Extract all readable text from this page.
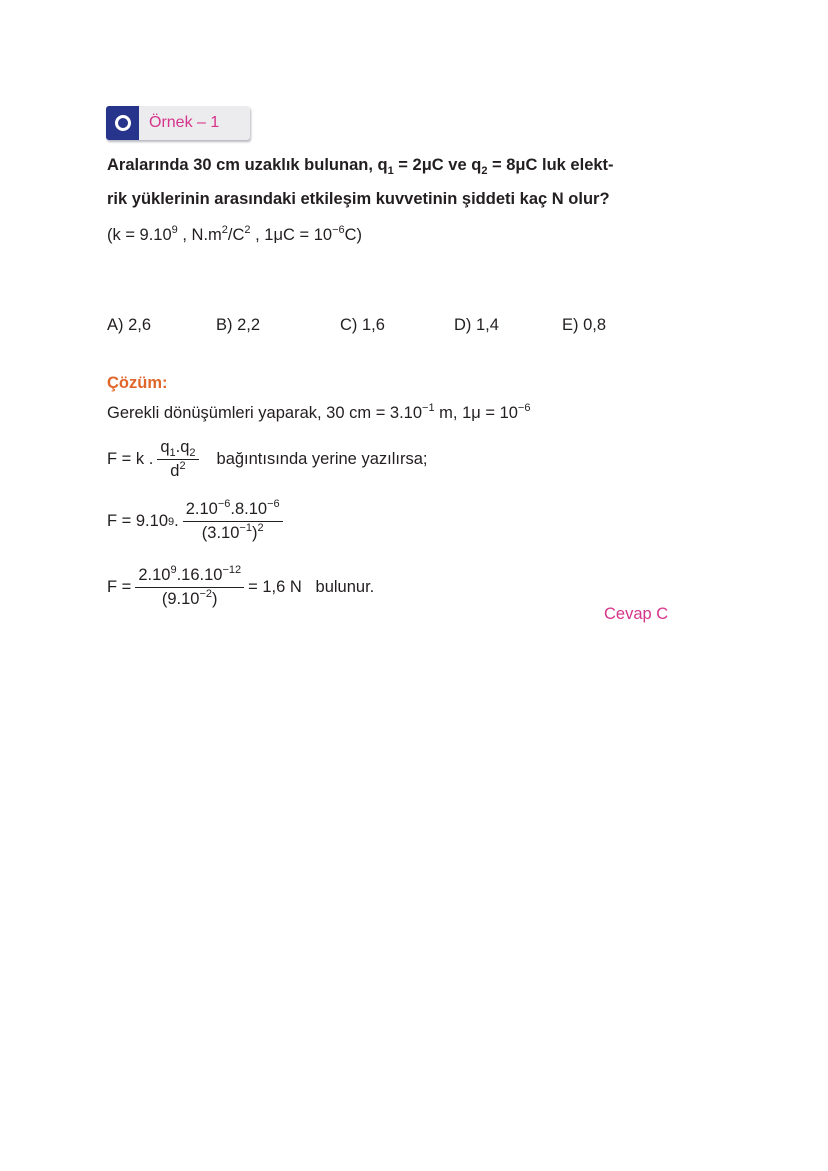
Örnek – 1
Aralarında 30 cm uzaklık bulunan, $q_1 = 2\mu C$ ve $q_2 = 8\mu C$ luk elekt-
rik yüklerinin arasındaki etkileşim kuvvetinin şiddeti kaç N olur?
($k = 9.10^9$ , $N.m^2/C^2$ , $1\mu C = 10^{-6}C$)
A) 2,6	B) 2,2	C) 1,6	D) 1,4	E) 0,8
Çözüm:
Gerekli dönüşümleri yaparak, 30 cm = $3.10^{-1}$ m, $1\mu = 10^{-6}$
F = k . $\frac{q_1.q_2}{d^2}$ bağıntısında yerine yazılırsa;
F = 9.10 9 . $\frac{2.10^{-6}.8.10^{-6}}{(3.10^{-1})^2}$
$F = \frac{2.10^9.16.10^{-12}}{(9.10^{-2})} = 1,6$ N   bulunur.
Cevap C
